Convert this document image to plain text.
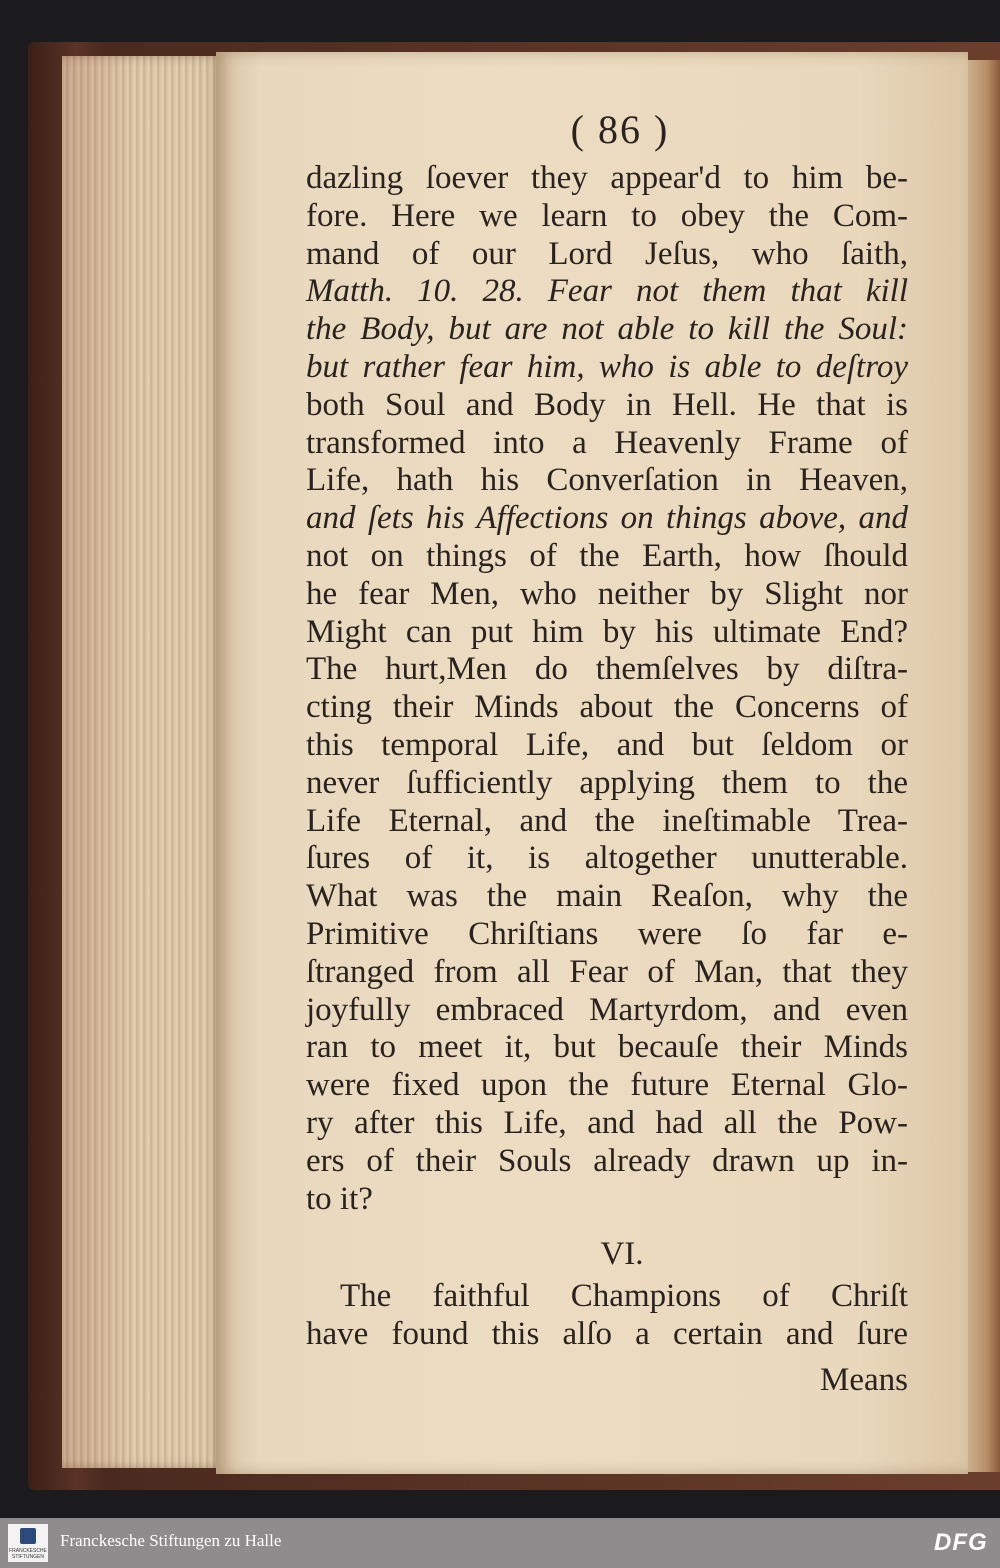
( 86 )
dazling ſoever they appear'd to him be-
fore. Here we learn to obey the Com-
mand of our Lord Jeſus, who ſaith,
Matth. 10. 28. Fear not them that kill
the Body, but are not able to kill the Soul:
but rather fear him, who is able to deſtroy
both Soul and Body in Hell. He that is
transformed into a Heavenly Frame of
Life, hath his Converſation in Heaven,
and ſets his Affections on things above, and
not on things of the Earth, how ſhould
he fear Men, who neither by Slight nor
Might can put him by his ultimate End?
The hurt,Men do themſelves by diſtra-
cting their Minds about the Concerns of
this temporal Life, and but ſeldom or
never ſufficiently applying them to the
Life Eternal, and the ineſtimable Trea-
ſures of it, is altogether unutterable.
What was the main Reaſon, why the
Primitive Chriſtians were ſo far e-
ſtranged from all Fear of Man, that they
joyfully embraced Martyrdom, and even
ran to meet it, but becauſe their Minds
were fixed upon the future Eternal Glo-
ry after this Life, and had all the Pow-
ers of their Souls already drawn up in-
to it?
VI.
The faithful Champions of Chriſt
have found this alſo a certain and ſure
Means
FRANCKESCHE STIFTUNGEN
Franckesche Stiftungen zu Halle	DFG
